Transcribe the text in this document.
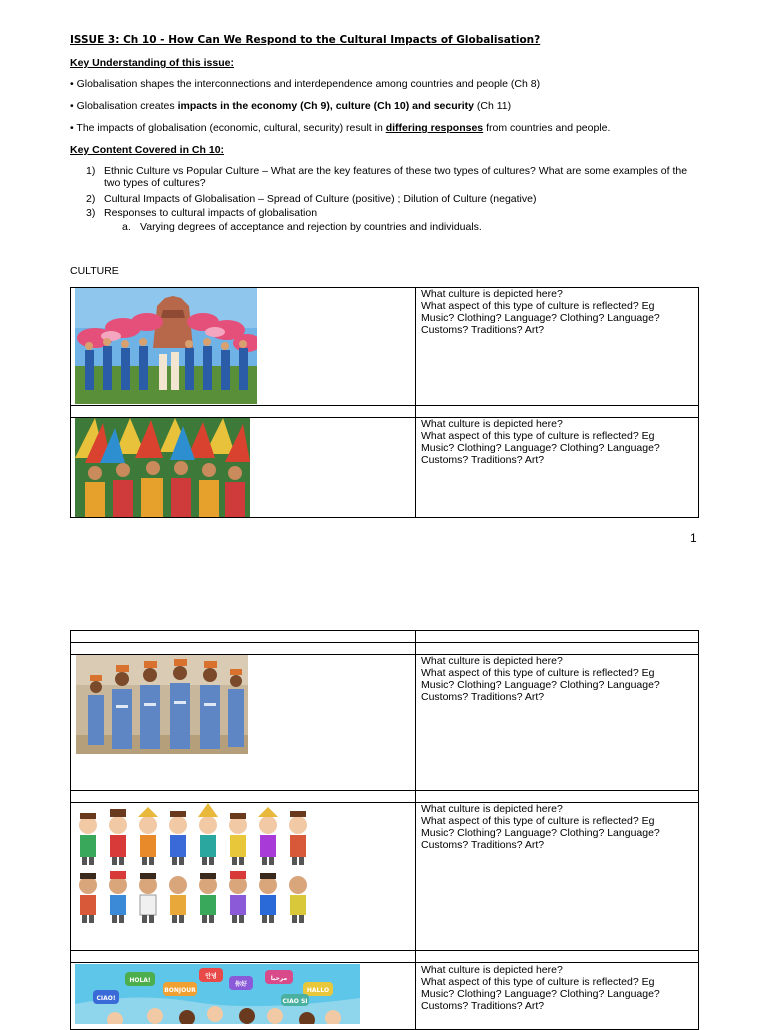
ISSUE 3: Ch 10 - How Can We Respond to the Cultural Impacts of Globalisation?
Key Understanding of this issue:
• Globalisation shapes the interconnections and interdependence among countries and people (Ch 8)
• Globalisation creates impacts in the economy (Ch 9), culture (Ch 10) and security (Ch 11)
• The impacts of globalisation (economic, cultural, security) result in differing responses from countries and people.
Key Content Covered in Ch 10:
1) Ethnic Culture vs Popular Culture – What are the key features of these two types of cultures? What are some examples of the two types of cultures?
2) Cultural Impacts of Globalisation – Spread of Culture (positive) ; Dilution of Culture (negative)
3) Responses to cultural impacts of globalisation
a. Varying degrees of acceptance and rejection by countries and individuals.
CULTURE
What culture is depicted here?
What aspect of this type of culture is reflected? Eg
Music? Clothing? Language? Clothing? Language?
Customs? Traditions? Art?
What culture is depicted here?
What aspect of this type of culture is reflected? Eg
Music? Clothing? Language? Clothing? Language?
Customs? Traditions? Art?
1
What culture is depicted here?
What aspect of this type of culture is reflected? Eg
Music? Clothing? Language? Clothing? Language?
Customs? Traditions? Art?
What culture is depicted here?
What aspect of this type of culture is reflected? Eg
Music? Clothing? Language? Clothing? Language?
Customs? Traditions? Art?
HOLA!
BONJOUR
안녕
你好
CIAO!
HALLO
مرحبا
CIAO SI
What culture is depicted here?
What aspect of this type of culture is reflected? Eg
Music? Clothing? Language? Clothing? Language?
Customs? Traditions? Art?
